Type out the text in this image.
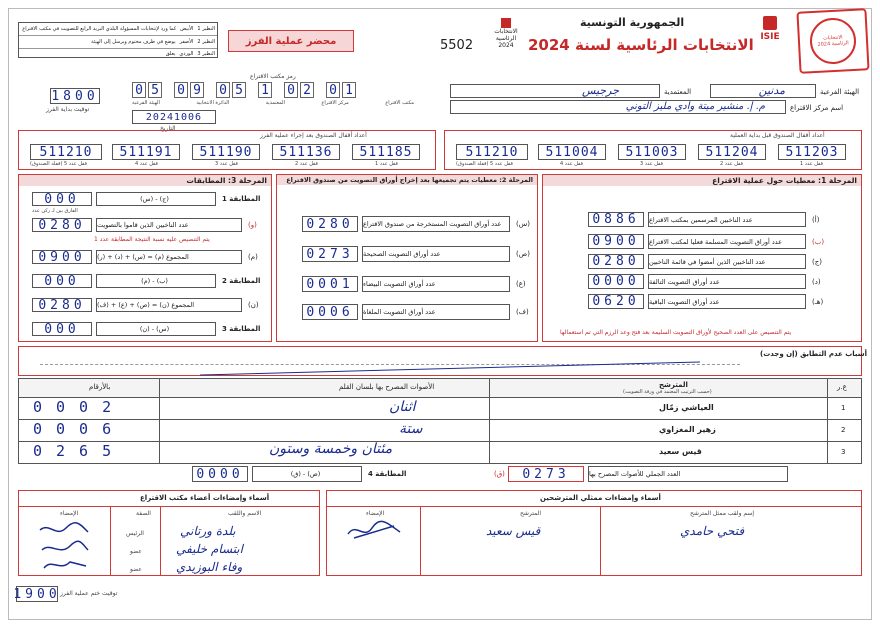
الانتخابات الرئاسية 2024
ISIE
الجمهورية التونسية
الانتخابات الرئاسية لسنة 2024
الانتخابات الرئاسية 2024
5502
محضر عملية الفرز
النظير 1
الأبيض
كما ورد لإنتخابات المسؤولة البلدي البريد الرابع للتصويت في مكتب الاقتراع
النظير 2
الأصفر
يوضع في ظرف مختوم ويرسل إلى الهيئة
النظير 3
الوردي
يعلق
الهيئة الفرعية
مدنين
المعتمدية
جرجيس
اسم مركز الاقتراع
م. إ. منشير ميتة وادي مليز التوني
رمز مكتب الاقتراع
0 5 0 9 0 5 1 0 2 0 1
مكتب الاقتراع
مركز الاقتراع
المعتمدية
الدائرة الانتخابية
الهيئة الفرعية
20241006
التاريخ
1800
توقيت بداية الفرز
أعداد أقفال الصندوق بعد إجراء عملية الفرز
511210	511191	511190	511136	511185
قفل عدد 5 (قفلة الصندوق)	قفل عدد 4	قفل عدد 3	قفل عدد 2	قفل عدد 1
أعداد أقفال الصندوق قبل بداية العملية
511210	511004	511003	511204	511203
قفل عدد 5 (قفلة الصندوق)	قفل عدد 4	قفل عدد 3	قفل عدد 2	قفل عدد 1
المرحلة 3: المطابقات
000	(ج) - (س)	المطابقة 1
الفارق بين لـ ركن عدد
0280	عدد الناخبين الذين قاموا بالتصويت	(و)
يتم التنصيص عليه نسبة النتيجة المطابقة عدد 1
0900	المجموع (م) = (س) + (د) + (ر)	(م)
000	(ب) - (م)	المطابقة 2
0280	المجموع (ن) = (ص) + (ع) + (ف)	(ن)
000	(س) - (ن)	المطابقة 3
المرحلة 2: معطيات يتم تجميعها بعد إخراج أوراق التصويت من صندوق الاقتراع
0280	عدد أوراق التصويت المستخرجة من صندوق الاقتراع	(س)
0273	عدد أوراق التصويت الصحيحة	(ص)
0001	عدد أوراق التصويت البيضاء	(ع)
0006	عدد أوراق التصويت الملغاة	(ف)
المرحلة 1: معطيات حول عملية الاقتراع
0886	عدد الناخبين المرسمين بمكتب الاقتراع	(أ)
0900	عدد أوراق التصويت المسلمة فعليا لمكتب الاقتراع	(ب)
0280	عدد الناخبين الذين أمضوا في قائمة الناخبين	(ج)
0000	عدد أوراق التصويت التالفة	(د)
0620	عدد أوراق التصويت الباقية	(هـ)
يتم التنصيص على العدد الصحيح لأوراق التصويت السليمة بعد فتح وعد الرزم التي تم استعمالها
أسباب عدم التطابق (إن وجدت)
ع.ر
المترشح
(حسب الترتيب المعتمد في ورقة التصويت)
الأصوات المصرح بها بلسان القلم
بالأرقام
1
العياشي زمّال
اثنان
0002
2
زهير المغزاوي
ستة
0006
3
قيس سعيد
مئتان وخمسة وستون
0265
0273
(ق)	العدد الجملي للأصوات المصرح بها
0000	(ص) - (ق)	المطابقة 4
أسماء وإمضاءات ممثلي المترشحين
إسم ولقب ممثل المترشح
المترشح
الإمضاء
فتحي حامدي
قيس سعيد
أسماء وإمضاءات أعضاء مكتب الاقتراع
الاسم واللقب
الصفة
الإمضاء
بلدة ورتاني
الرئيس
ابتسام خليفي
عضو
وفاء البوزيدي
عضو
1900 توقيت ختم عملية الفرز
